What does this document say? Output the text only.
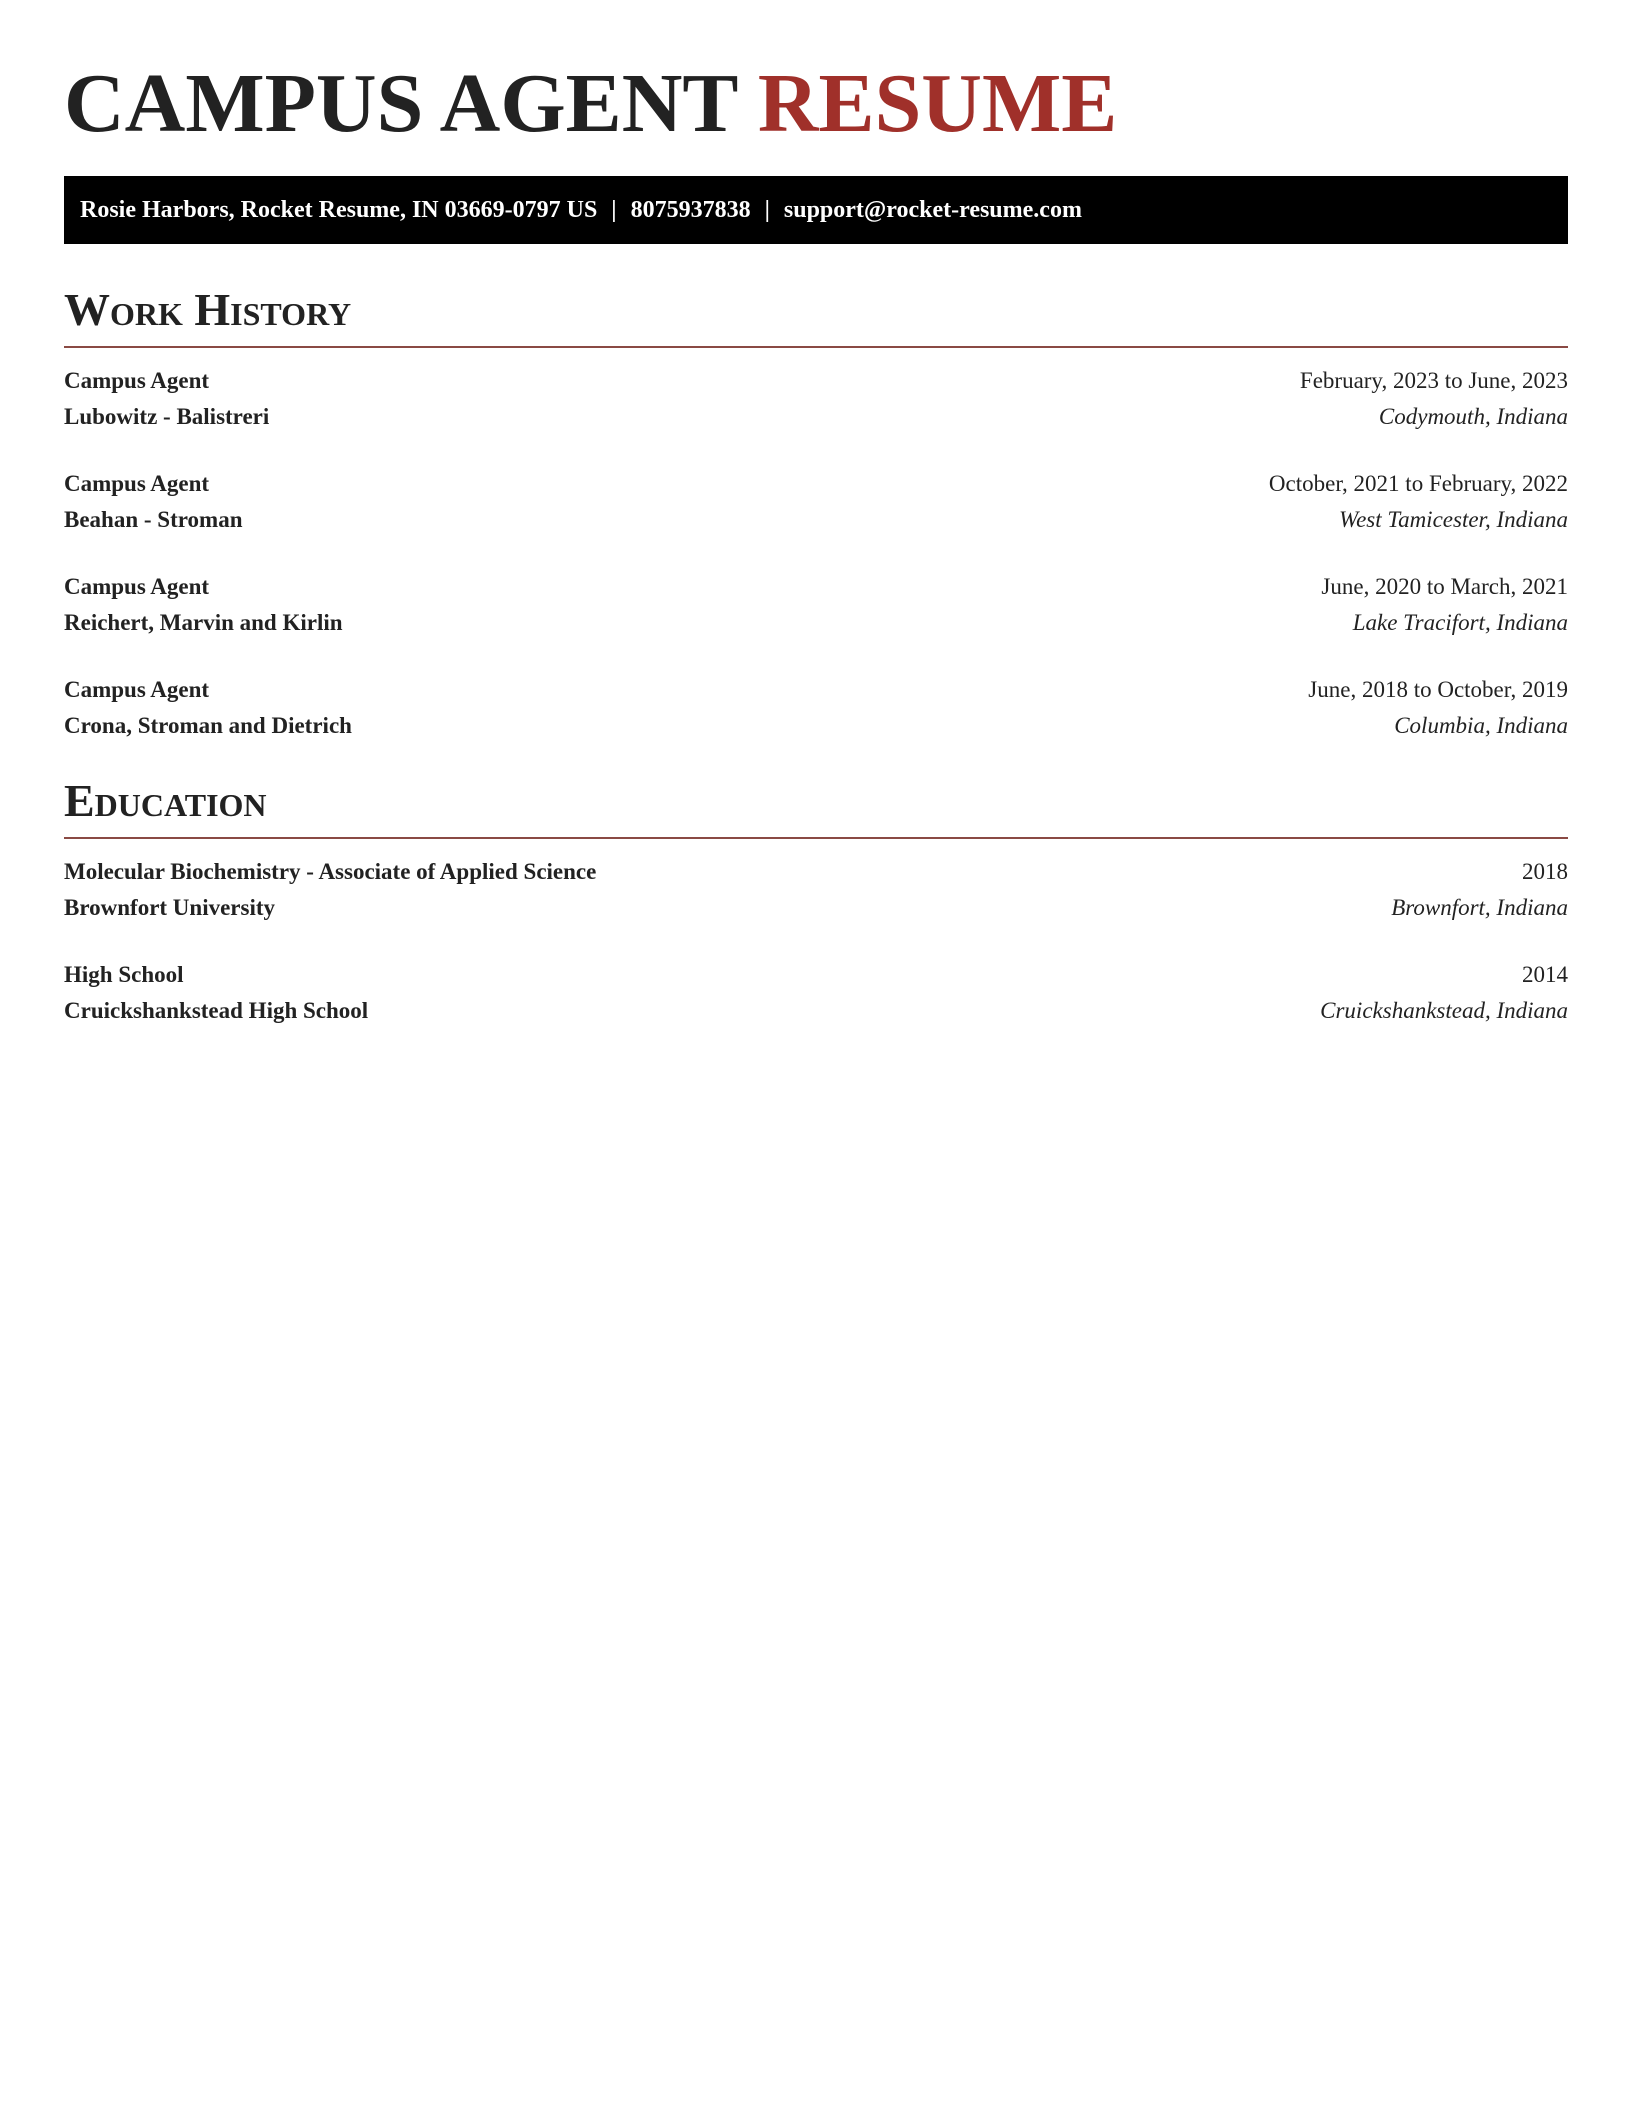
CAMPUS AGENT RESUME
Rosie Harbors, Rocket Resume, IN 03669-0797 US | 8075937838 | support@rocket-resume.com
Work History
Campus Agent	February, 2023 to June, 2023
Lubowitz - Balistreri	Codymouth, Indiana
Campus Agent	October, 2021 to February, 2022
Beahan - Stroman	West Tamicester, Indiana
Campus Agent	June, 2020 to March, 2021
Reichert, Marvin and Kirlin	Lake Tracifort, Indiana
Campus Agent	June, 2018 to October, 2019
Crona, Stroman and Dietrich	Columbia, Indiana
Education
Molecular Biochemistry - Associate of Applied Science	2018
Brownfort University	Brownfort, Indiana
High School	2014
Cruickshankstead High School	Cruickshankstead, Indiana
